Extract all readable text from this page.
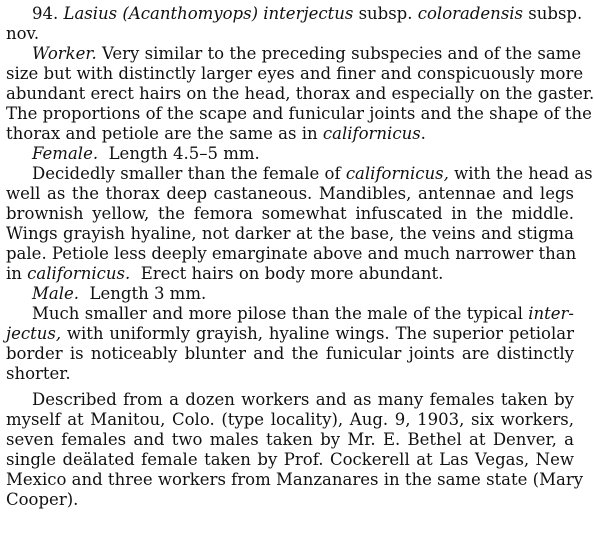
94. Lasius (Acanthomyops) interjectus subsp. coloradensis subsp.
nov.
Worker. Very similar to the preceding subspecies and of the same
size but with distinctly larger eyes and finer and conspicuously more
abundant erect hairs on the head, thorax and especially on the gaster.
The proportions of the scape and funicular joints and the shape of the
thorax and petiole are the same as in californicus.
Female. Length 4.5–5 mm.
Decidedly smaller than the female of californicus, with the head as
well as the thorax deep castaneous. Mandibles, antennae and legs
brownish yellow, the femora somewhat infuscated in the middle.
Wings grayish hyaline, not darker at the base, the veins and stigma
pale. Petiole less deeply emarginate above and much narrower than
in californicus. Erect hairs on body more abundant.
Male. Length 3 mm.
Much smaller and more pilose than the male of the typical inter-
jectus, with uniformly grayish, hyaline wings. The superior petiolar
border is noticeably blunter and the funicular joints are distinctly
shorter.
Described from a dozen workers and as many females taken by
myself at Manitou, Colo. (type locality), Aug. 9, 1903, six workers,
seven females and two males taken by Mr. E. Bethel at Denver, a
single deälated female taken by Prof. Cockerell at Las Vegas, New
Mexico and three workers from Manzanares in the same state (Mary
Cooper).
